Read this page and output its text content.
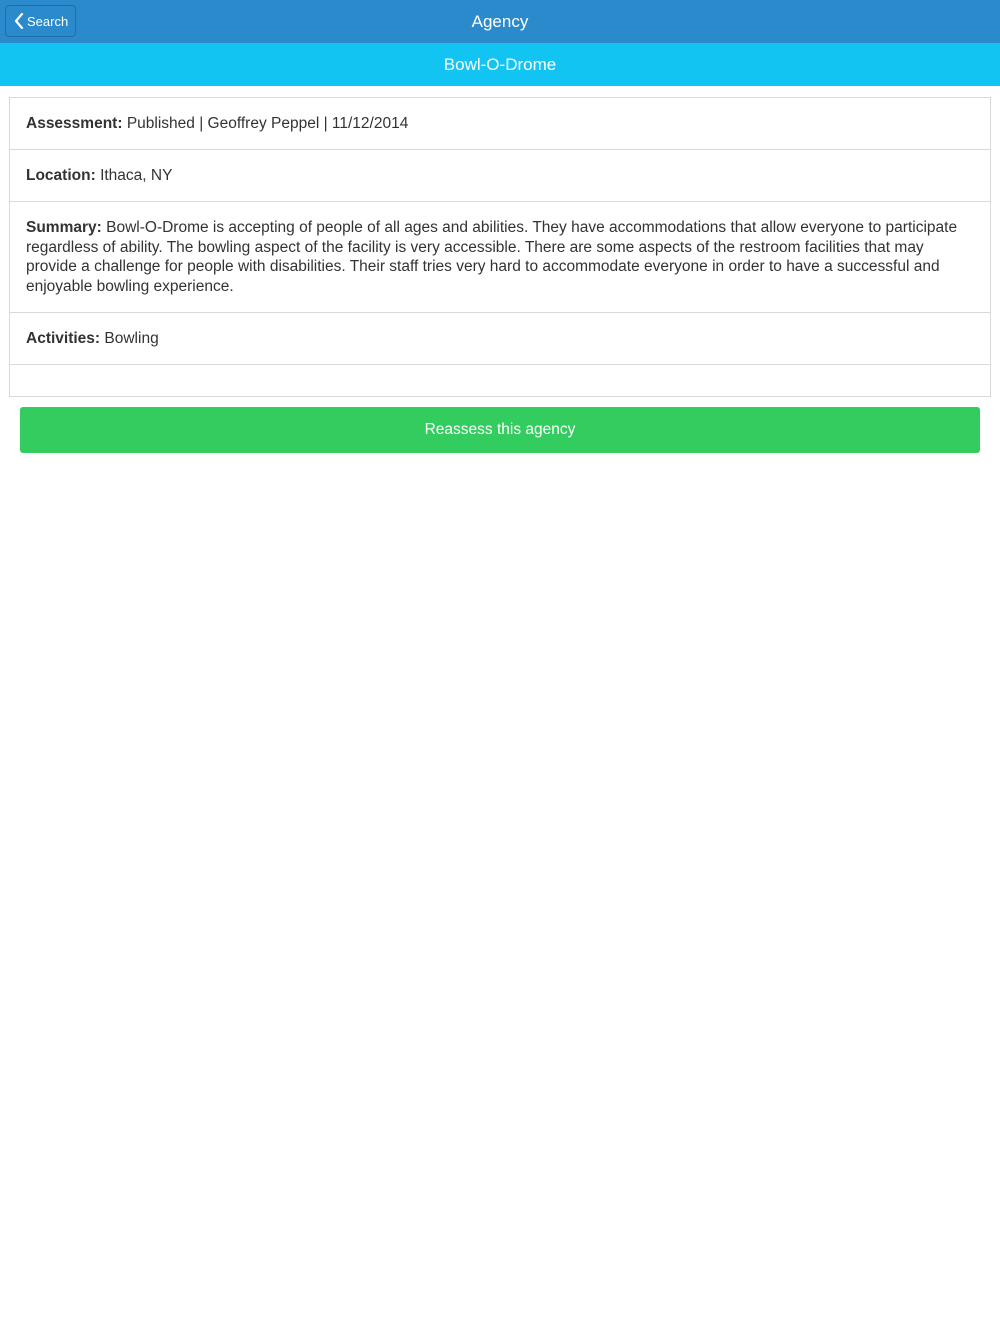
Search	Agency
Bowl-O-Drome
Assessment: Published | Geoffrey Peppel | 11/12/2014
Location: Ithaca, NY
Summary: Bowl-O-Drome is accepting of people of all ages and abilities. They have accommodations that allow everyone to participate regardless of ability. The bowling aspect of the facility is very accessible. There are some aspects of the restroom facilities that may provide a challenge for people with disabilities. Their staff tries very hard to accommodate everyone in order to have a successful and enjoyable bowling experience.
Activities: Bowling
Reassess this agency
